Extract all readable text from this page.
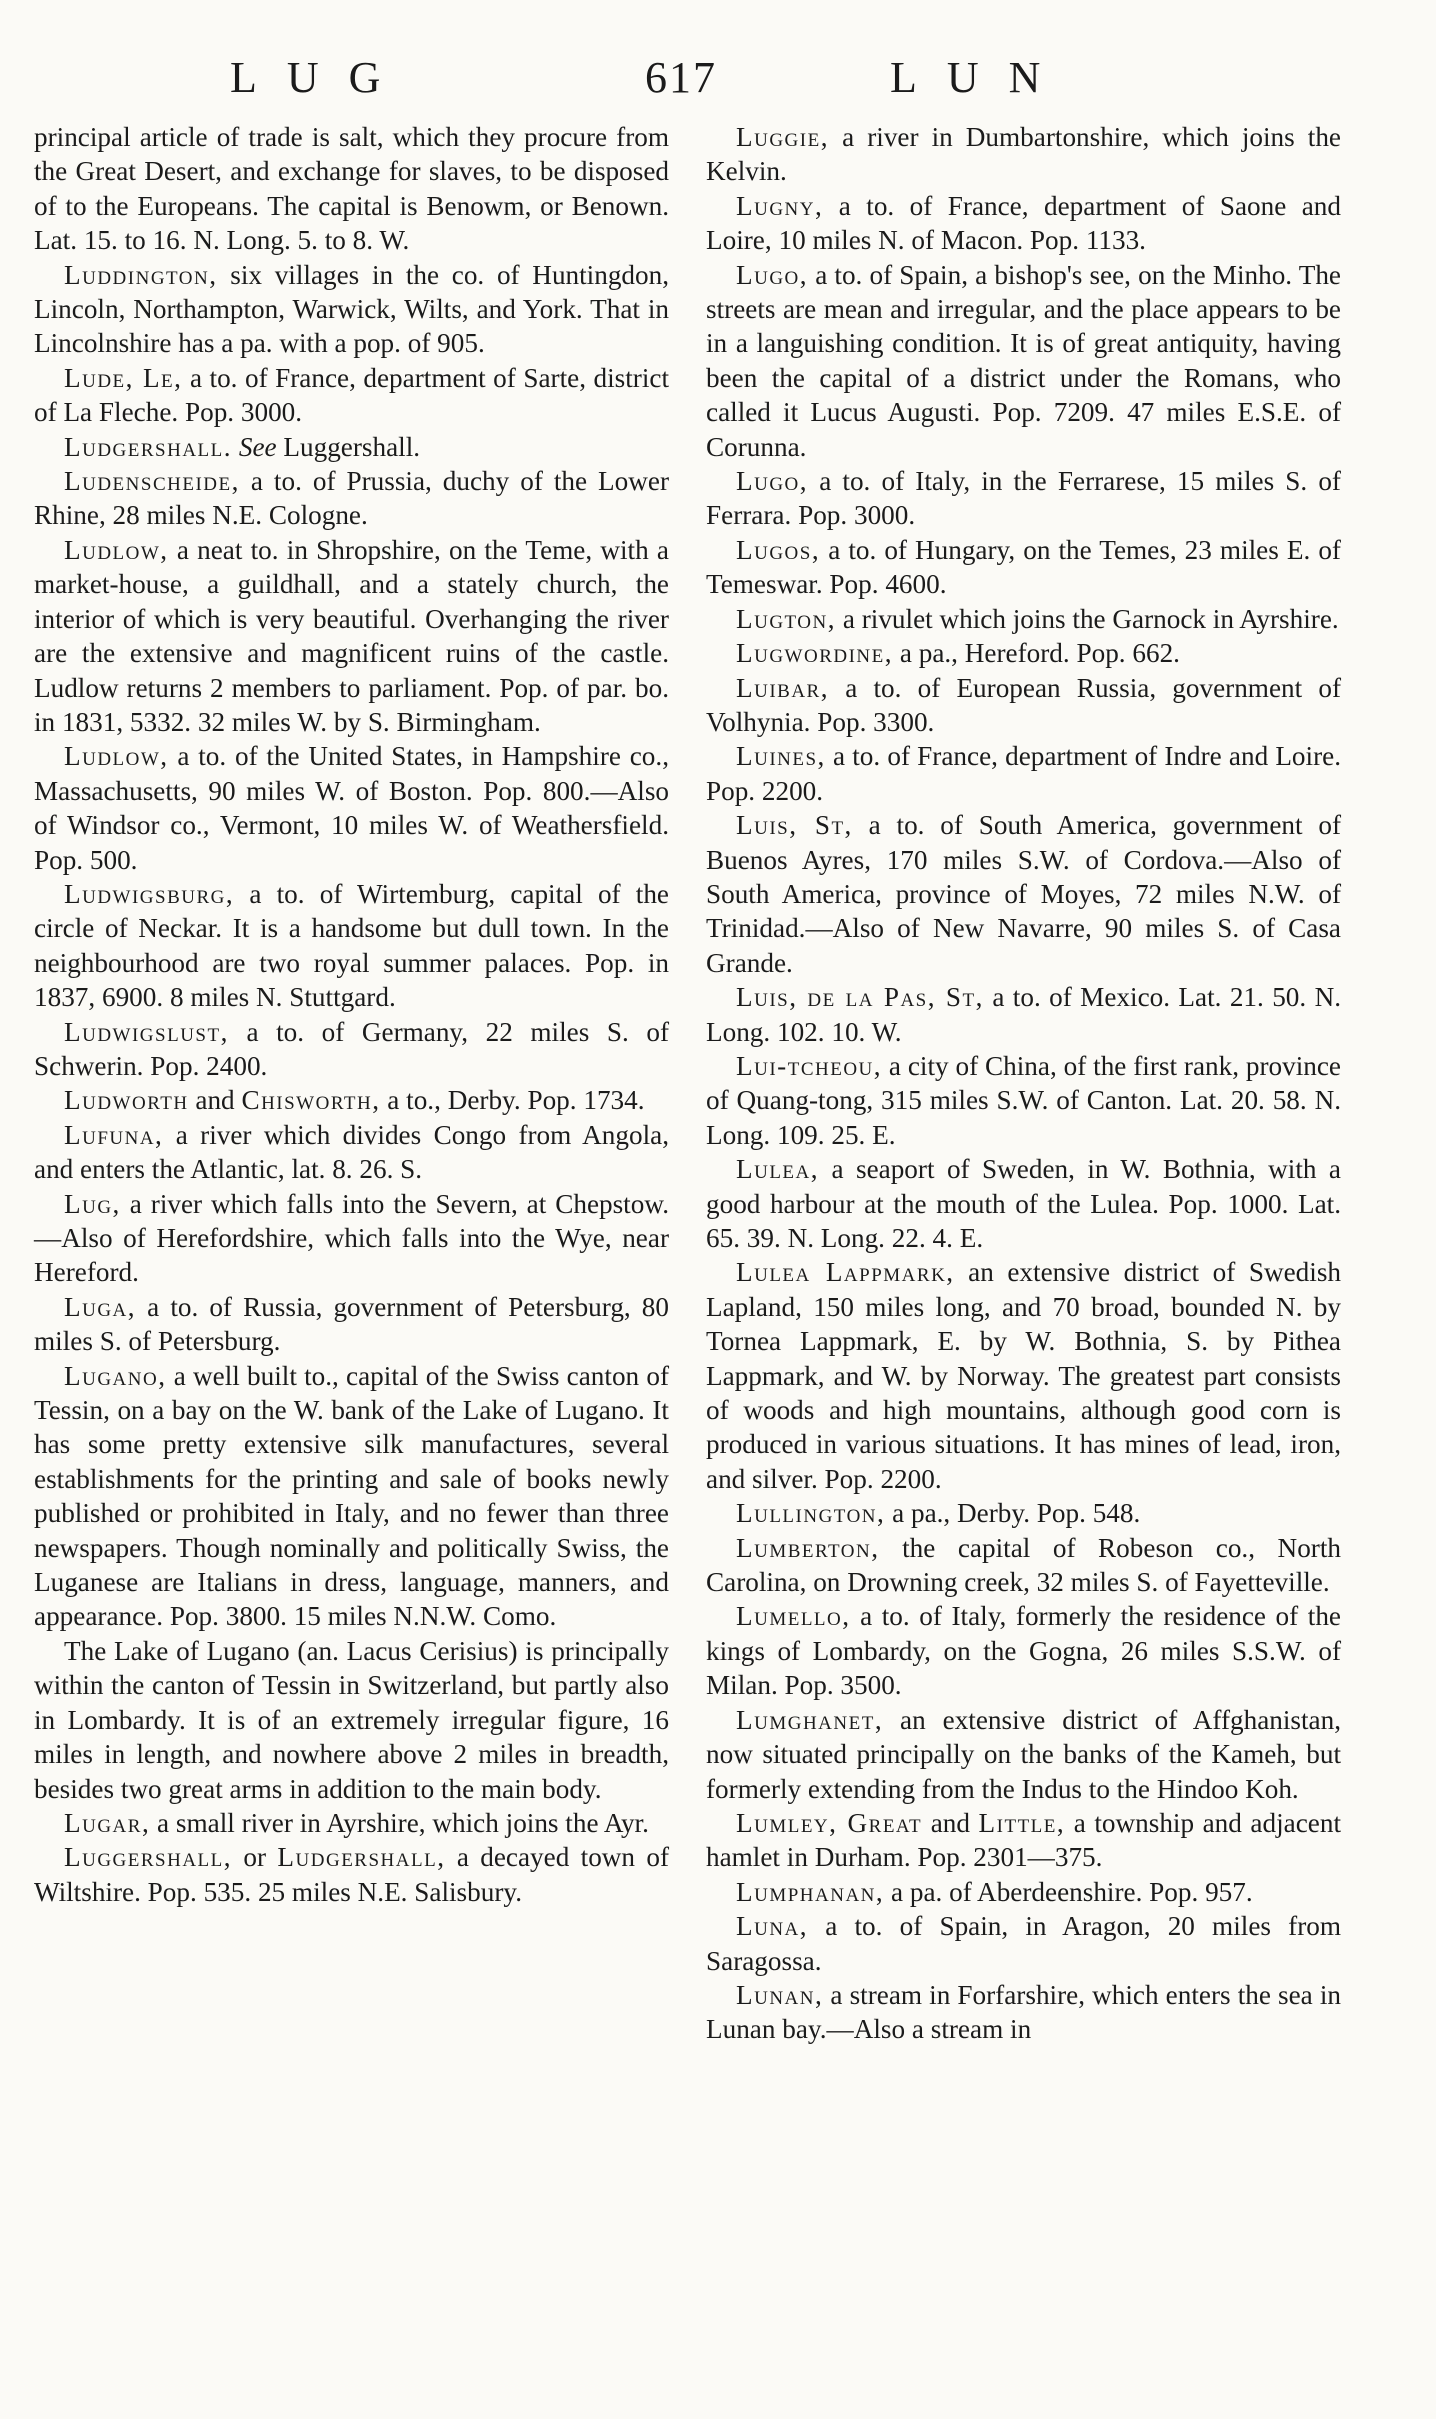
LUG	617	LUN

principal article of trade is salt, which they procure from the Great Desert, and exchange for slaves, to be disposed of to the Europeans. The capital is Benowm, or Benown. Lat. 15. to 16. N. Long. 5. to 8. W.

Luddington, six villages in the co. of Huntingdon, Lincoln, Northampton, Warwick, Wilts, and York. That in Lincolnshire has a pa. with a pop. of 905.

Lude, Le, a to. of France, department of Sarte, district of La Fleche. Pop. 3000.

Ludgershall. See Luggershall.

Ludenscheide, a to. of Prussia, duchy of the Lower Rhine, 28 miles N.E. Cologne.

Ludlow, a neat to. in Shropshire, on the Teme, with a market-house, a guildhall, and a stately church, the interior of which is very beautiful. Overhanging the river are the extensive and magnificent ruins of the castle. Ludlow returns 2 members to parliament. Pop. of par. bo. in 1831, 5332. 32 miles W. by S. Birmingham.

Ludlow, a to. of the United States, in Hampshire co., Massachusetts, 90 miles W. of Boston. Pop. 800.—Also of Windsor co., Vermont, 10 miles W. of Weathersfield. Pop. 500.

Ludwigsburg, a to. of Wirtemburg, capital of the circle of Neckar. It is a handsome but dull town. In the neighbourhood are two royal summer palaces. Pop. in 1837, 6900. 8 miles N. Stuttgard.

Ludwigslust, a to. of Germany, 22 miles S. of Schwerin. Pop. 2400.

Ludworth and Chisworth, a to., Derby. Pop. 1734.

Lufuna, a river which divides Congo from Angola, and enters the Atlantic, lat. 8. 26. S.

Lug, a river which falls into the Severn, at Chepstow.—Also of Herefordshire, which falls into the Wye, near Hereford.

Luga, a to. of Russia, government of Petersburg, 80 miles S. of Petersburg.

Lugano, a well built to., capital of the Swiss canton of Tessin, on a bay on the W. bank of the Lake of Lugano. It has some pretty extensive silk manufactures, several establishments for the printing and sale of books newly published or prohibited in Italy, and no fewer than three newspapers. Though nominally and politically Swiss, the Luganese are Italians in dress, language, manners, and appearance. Pop. 3800. 15 miles N.N.W. Como.

The Lake of Lugano (an. Lacus Cerisius) is principally within the canton of Tessin in Switzerland, but partly also in Lombardy. It is of an extremely irregular figure, 16 miles in length, and nowhere above 2 miles in breadth, besides two great arms in addition to the main body.

Lugar, a small river in Ayrshire, which joins the Ayr.

Luggershall, or Ludgershall, a decayed town of Wiltshire. Pop. 535. 25 miles N.E. Salisbury.

Luggie, a river in Dumbartonshire, which joins the Kelvin.

Lugny, a to. of France, department of Saone and Loire, 10 miles N. of Macon. Pop. 1133.

Lugo, a to. of Spain, a bishop's see, on the Minho. The streets are mean and irregular, and the place appears to be in a languishing condition. It is of great antiquity, having been the capital of a district under the Romans, who called it Lucus Augusti. Pop. 7209. 47 miles E.S.E. of Corunna.

Lugo, a to. of Italy, in the Ferrarese, 15 miles S. of Ferrara. Pop. 3000.

Lugos, a to. of Hungary, on the Temes, 23 miles E. of Temeswar. Pop. 4600.

Lugton, a rivulet which joins the Garnock in Ayrshire.

Lugwordine, a pa., Hereford. Pop. 662.

Luibar, a to. of European Russia, government of Volhynia. Pop. 3300.

Luines, a to. of France, department of Indre and Loire. Pop. 2200.

Luis, St, a to. of South America, government of Buenos Ayres, 170 miles S.W. of Cordova.—Also of South America, province of Moyes, 72 miles N.W. of Trinidad.—Also of New Navarre, 90 miles S. of Casa Grande.

Luis, de la Pas, St, a to. of Mexico. Lat. 21. 50. N. Long. 102. 10. W.

Lui-tcheou, a city of China, of the first rank, province of Quang-tong, 315 miles S.W. of Canton. Lat. 20. 58. N. Long. 109. 25. E.

Lulea, a seaport of Sweden, in W. Bothnia, with a good harbour at the mouth of the Lulea. Pop. 1000. Lat. 65. 39. N. Long. 22. 4. E.

Lulea Lappmark, an extensive district of Swedish Lapland, 150 miles long, and 70 broad, bounded N. by Tornea Lappmark, E. by W. Bothnia, S. by Pithea Lappmark, and W. by Norway. The greatest part consists of woods and high mountains, although good corn is produced in various situations. It has mines of lead, iron, and silver. Pop. 2200.

Lullington, a pa., Derby. Pop. 548.

Lumberton, the capital of Robeson co., North Carolina, on Drowning creek, 32 miles S. of Fayetteville.

Lumello, a to. of Italy, formerly the residence of the kings of Lombardy, on the Gogna, 26 miles S.S.W. of Milan. Pop. 3500.

Lumghanet, an extensive district of Affghanistan, now situated principally on the banks of the Kameh, but formerly extending from the Indus to the Hindoo Koh.

Lumley, Great and Little, a township and adjacent hamlet in Durham. Pop. 2301—375.

Lumphanan, a pa. of Aberdeenshire. Pop. 957.

Luna, a to. of Spain, in Aragon, 20 miles from Saragossa.

Lunan, a stream in Forfarshire, which enters the sea in Lunan bay.—Also a stream in
